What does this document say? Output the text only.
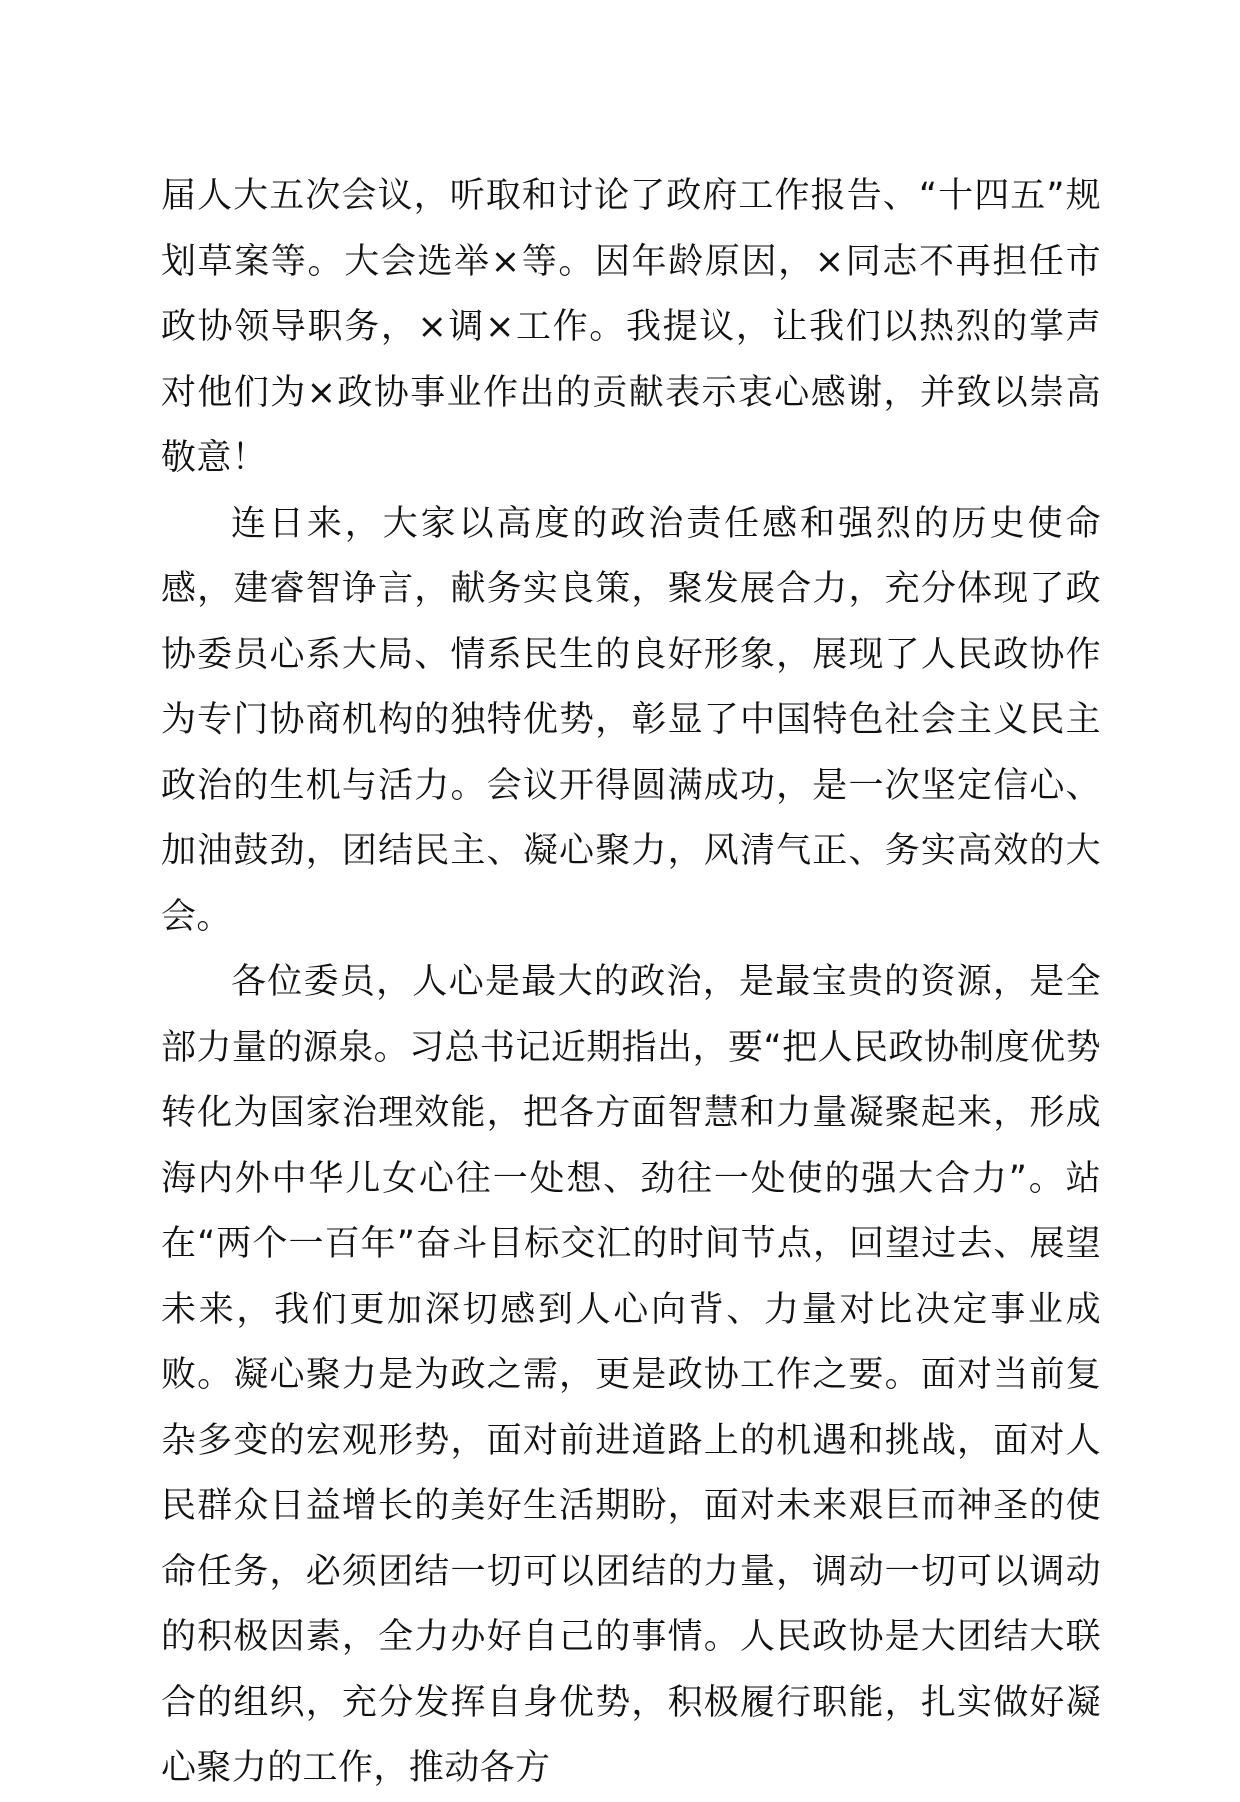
届人大五次会议，听取和讨论了政府工作报告、“十四五”规划草案等。大会选举×等。因年龄原因，×同志不再担任市政协领导职务，×调×工作。我提议，让我们以热烈的掌声对他们为×政协事业作出的贡献表示衷心感谢，并致以崇高敬意！

连日来，大家以高度的政治责任感和强烈的历史使命感，建睿智诤言，献务实良策，聚发展合力，充分体现了政协委员心系大局、情系民生的良好形象，展现了人民政协作为专门协商机构的独特优势，彰显了中国特色社会主义民主政治的生机与活力。会议开得圆满成功，是一次坚定信心、加油鼓劲，团结民主、凝心聚力，风清气正、务实高效的大会。

各位委员，人心是最大的政治，是最宝贵的资源，是全部力量的源泉。习总书记近期指出，要“把人民政协制度优势转化为国家治理效能，把各方面智慧和力量凝聚起来，形成海内外中华儿女心往一处想、劲往一处使的强大合力”。站在“两个一百年”奋斗目标交汇的时间节点，回望过去、展望未来，我们更加深切感到人心向背、力量对比决定事业成败。凝心聚力是为政之需，更是政协工作之要。面对当前复杂多变的宏观形势，面对前进道路上的机遇和挑战，面对人民群众日益增长的美好生活期盼，面对未来艰巨而神圣的使命任务，必须团结一切可以团结的力量，调动一切可以调动的积极因素，全力办好自己的事情。人民政协是大团结大联合的组织，充分发挥自身优势，积极履行职能，扎实做好凝心聚力的工作，推动各方
